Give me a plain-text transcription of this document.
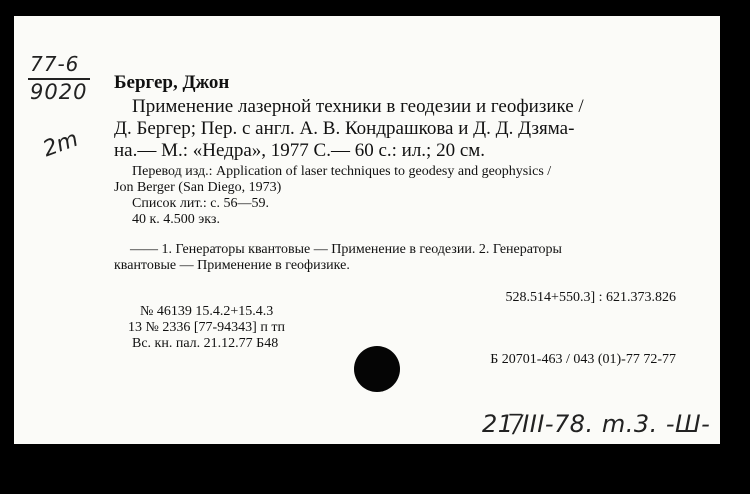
77-6
9020
2m
Бергер, Джон
Применение лазерной техники в геодезии и геофизике /
Д. Бергер; Пер. с англ. А. В. Кондрашкова и Д. Д. Дзяма-
на.— М.: «Недра», 1977 С.— 60 с.: ил.; 20 см.
Перевод изд.: Application of laser techniques to geodesy and geophysics /
Jon Berger (San Diego, 1973)
Список лит.: с. 56—59.
40 к. 4.500 экз.
—— 1. Генераторы квантовые — Применение в геодезии. 2. Генераторы
квантовые — Применение в геофизике.
528.514+550.3] : 621.373.826
№ 46139 15.4.2+15.4.3
13 № 2336 [77-94343] п тп
Вс. кн. пал. 21.12.77 Б48
Б 20701-463 / 043 (01)-77 72-77
21/̅III-78. m.3. -Ш-
